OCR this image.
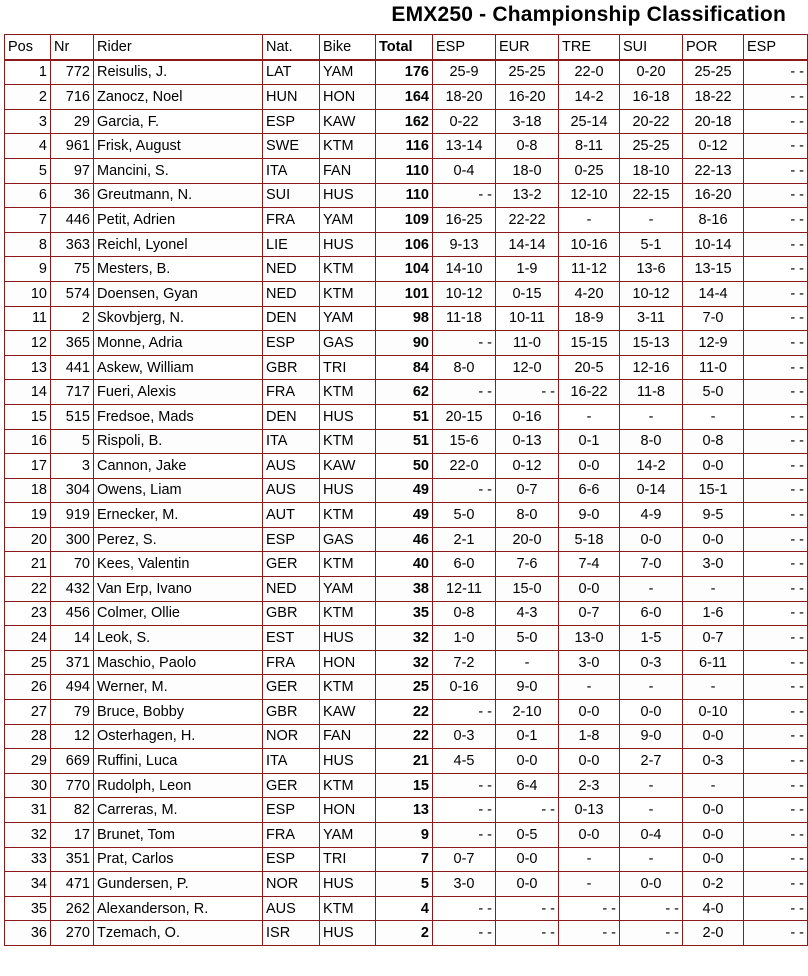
EMX250 - Championship Classification
Pos	Nr	Rider	Nat.	Bike	Total	ESP	EUR	TRE	SUI	POR	ESP
1	772	Reisulis, J.	LAT	YAM	176	25-9	25-25	22-0	0-20	25-25	- -
2	716	Zanocz, Noel	HUN	HON	164	18-20	16-20	14-2	16-18	18-22	- -
3	29	Garcia, F.	ESP	KAW	162	0-22	3-18	25-14	20-22	20-18	- -
4	961	Frisk, August	SWE	KTM	116	13-14	0-8	8-11	25-25	0-12	- -
5	97	Mancini, S.	ITA	FAN	110	0-4	18-0	0-25	18-10	22-13	- -
6	36	Greutmann, N.	SUI	HUS	110	- -	13-2	12-10	22-15	16-20	- -
7	446	Petit, Adrien	FRA	YAM	109	16-25	22-22	-	-	8-16	- -
8	363	Reichl, Lyonel	LIE	HUS	106	9-13	14-14	10-16	5-1	10-14	- -
9	75	Mesters, B.	NED	KTM	104	14-10	1-9	11-12	13-6	13-15	- -
10	574	Doensen, Gyan	NED	KTM	101	10-12	0-15	4-20	10-12	14-4	- -
11	2	Skovbjerg, N.	DEN	YAM	98	11-18	10-11	18-9	3-11	7-0	- -
12	365	Monne, Adria	ESP	GAS	90	- -	11-0	15-15	15-13	12-9	- -
13	441	Askew, William	GBR	TRI	84	8-0	12-0	20-5	12-16	11-0	- -
14	717	Fueri, Alexis	FRA	KTM	62	- -	- -	16-22	11-8	5-0	- -
15	515	Fredsoe, Mads	DEN	HUS	51	20-15	0-16	-	-	-	- -
16	5	Rispoli, B.	ITA	KTM	51	15-6	0-13	0-1	8-0	0-8	- -
17	3	Cannon, Jake	AUS	KAW	50	22-0	0-12	0-0	14-2	0-0	- -
18	304	Owens, Liam	AUS	HUS	49	- -	0-7	6-6	0-14	15-1	- -
19	919	Ernecker, M.	AUT	KTM	49	5-0	8-0	9-0	4-9	9-5	- -
20	300	Perez, S.	ESP	GAS	46	2-1	20-0	5-18	0-0	0-0	- -
21	70	Kees, Valentin	GER	KTM	40	6-0	7-6	7-4	7-0	3-0	- -
22	432	Van Erp, Ivano	NED	YAM	38	12-11	15-0	0-0	-	-	- -
23	456	Colmer, Ollie	GBR	KTM	35	0-8	4-3	0-7	6-0	1-6	- -
24	14	Leok, S.	EST	HUS	32	1-0	5-0	13-0	1-5	0-7	- -
25	371	Maschio, Paolo	FRA	HON	32	7-2	-	3-0	0-3	6-11	- -
26	494	Werner, M.	GER	KTM	25	0-16	9-0	-	-	-	- -
27	79	Bruce, Bobby	GBR	KAW	22	- -	2-10	0-0	0-0	0-10	- -
28	12	Osterhagen, H.	NOR	FAN	22	0-3	0-1	1-8	9-0	0-0	- -
29	669	Ruffini, Luca	ITA	HUS	21	4-5	0-0	0-0	2-7	0-3	- -
30	770	Rudolph, Leon	GER	KTM	15	- -	6-4	2-3	-	-	- -
31	82	Carreras, M.	ESP	HON	13	- -	- -	0-13	-	0-0	- -
32	17	Brunet, Tom	FRA	YAM	9	- -	0-5	0-0	0-4	0-0	- -
33	351	Prat, Carlos	ESP	TRI	7	0-7	0-0	-	-	0-0	- -
34	471	Gundersen, P.	NOR	HUS	5	3-0	0-0	-	0-0	0-2	- -
35	262	Alexanderson, R.	AUS	KTM	4	- -	- -	- -	- -	4-0	- -
36	270	Tzemach, O.	ISR	HUS	2	- -	- -	- -	- -	2-0	- -
